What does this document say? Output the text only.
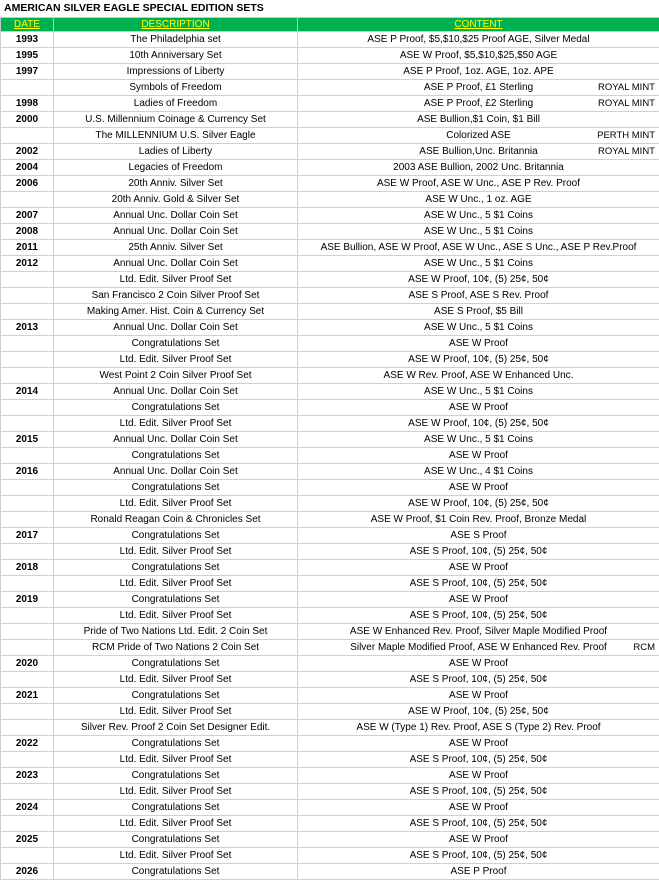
AMERICAN SILVER EAGLE SPECIAL EDITION SETS
DATE	DESCRIPTION	CONTENT
1993	The Philadelphia set	ASE P Proof, $5,$10,$25 Proof AGE, Silver Medal
1995	10th Anniversary Set	ASE W Proof, $5,$10,$25,$50 AGE
1997	Impressions of Liberty	ASE P Proof, 1oz. AGE, 1oz. APE
	Symbols of Freedom	ASE P Proof, £1 Sterling ROYAL MINT

1998	Ladies of Freedom	ASE P Proof, £2 Sterling ROYAL MINT

2000	U.S. Millennium Coinage & Currency Set	ASE Bullion,$1 Coin, $1 Bill
	The MILLENNIUM U.S. Silver Eagle	Colorized ASE PERTH MINT

2002	Ladies of Liberty	ASE Bullion,Unc. Britannia ROYAL MINT

2004	Legacies of Freedom	2003 ASE Bullion, 2002 Unc. Britannia
2006	20th Anniv. Silver Set	ASE W Proof, ASE W Unc., ASE P Rev. Proof
	20th Anniv. Gold & Silver Set	ASE W Unc., 1 oz. AGE
2007	Annual Unc. Dollar Coin Set	ASE W Unc., 5 $1 Coins
2008	Annual Unc. Dollar Coin Set	ASE W Unc., 5 $1 Coins
2011	25th Anniv. Silver Set	ASE Bullion, ASE W Proof, ASE W Unc., ASE S Unc., ASE P Rev.Proof
2012	Annual Unc. Dollar Coin Set	ASE W Unc., 5 $1 Coins
	Ltd. Edit. Silver Proof Set	ASE W Proof, 10¢, (5) 25¢, 50¢
	San Francisco 2 Coin Silver Proof Set	ASE S Proof, ASE S Rev. Proof
	Making Amer. Hist. Coin & Currency Set	ASE S Proof, $5 Bill
2013	Annual Unc. Dollar Coin Set	ASE W Unc., 5 $1 Coins
	Congratulations Set	ASE W Proof
	Ltd. Edit. Silver Proof Set	ASE W Proof, 10¢, (5) 25¢, 50¢
	West Point 2 Coin Silver Proof Set	ASE W Rev. Proof, ASE W Enhanced Unc.
2014	Annual Unc. Dollar Coin Set	ASE W Unc., 5 $1 Coins
	Congratulations Set	ASE W Proof
	Ltd. Edit. Silver Proof Set	ASE W Proof, 10¢, (5) 25¢, 50¢
2015	Annual Unc. Dollar Coin Set	ASE W Unc., 5 $1 Coins
	Congratulations Set	ASE W Proof
2016	Annual Unc. Dollar Coin Set	ASE W Unc., 4 $1 Coins
	Congratulations Set	ASE W Proof
	Ltd. Edit. Silver Proof Set	ASE W Proof, 10¢, (5) 25¢, 50¢
	Ronald Reagan Coin & Chronicles Set	ASE W Proof, $1 Coin Rev. Proof, Bronze Medal
2017	Congratulations Set	ASE S Proof
	Ltd. Edit. Silver Proof Set	ASE S Proof, 10¢, (5) 25¢, 50¢
2018	Congratulations Set	ASE W Proof
	Ltd. Edit. Silver Proof Set	ASE S Proof, 10¢, (5) 25¢, 50¢
2019	Congratulations Set	ASE W Proof
	Ltd. Edit. Silver Proof Set	ASE S Proof, 10¢, (5) 25¢, 50¢
	Pride of Two Nations Ltd. Edit. 2 Coin Set	ASE W Enhanced Rev. Proof, Silver Maple Modified Proof
	RCM Pride of Two Nations 2 Coin Set	Silver Maple Modified Proof, ASE W Enhanced Rev. Proof RCM

2020	Congratulations Set	ASE W Proof
	Ltd. Edit. Silver Proof Set	ASE S Proof, 10¢, (5) 25¢, 50¢
2021	Congratulations Set	ASE W Proof
	Ltd. Edit. Silver Proof Set	ASE W Proof, 10¢, (5) 25¢, 50¢
	Silver Rev. Proof 2 Coin Set Designer Edit.	ASE W (Type 1) Rev. Proof, ASE S (Type 2) Rev. Proof
2022	Congratulations Set	ASE W Proof
	Ltd. Edit. Silver Proof Set	ASE S Proof, 10¢, (5) 25¢, 50¢
2023	Congratulations Set	ASE W Proof
	Ltd. Edit. Silver Proof Set	ASE S Proof, 10¢, (5) 25¢, 50¢
2024	Congratulations Set	ASE W Proof
	Ltd. Edit. Silver Proof Set	ASE S Proof, 10¢, (5) 25¢, 50¢
2025	Congratulations Set	ASE W Proof
	Ltd. Edit. Silver Proof Set	ASE S Proof, 10¢, (5) 25¢, 50¢
2026	Congratulations Set	ASE P Proof
